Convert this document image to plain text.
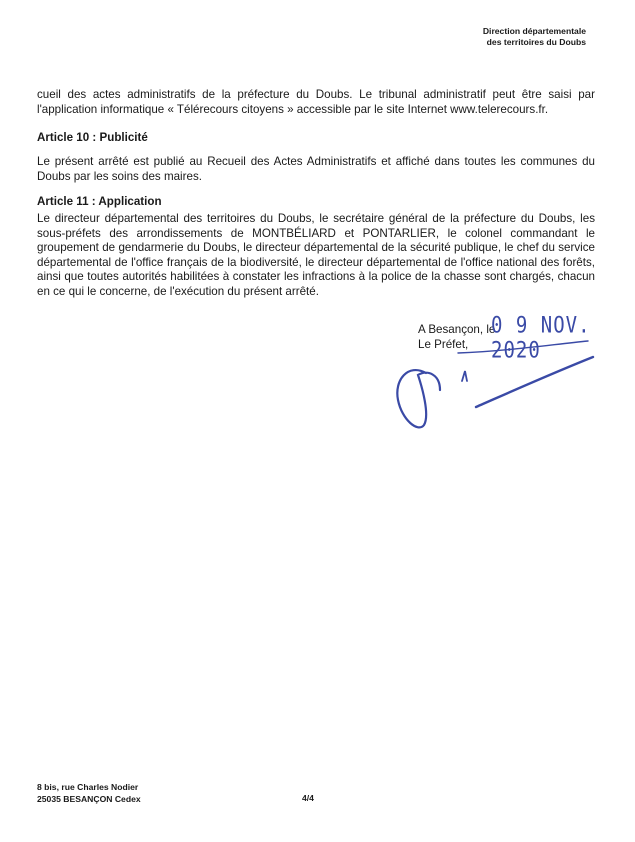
Direction départementale
des territoires du Doubs

cueil des actes administratifs de la préfecture du Doubs. Le tribunal administratif peut être saisi par l'application informatique « Télérecours citoyens » accessible par le site Internet www.telerecours.fr.

Article 10 : Publicité

Le présent arrêté est publié au Recueil des Actes Administratifs et affiché dans toutes les communes du Doubs par les soins des maires.

Article 11 : Application

Le directeur départemental des territoires du Doubs, le secrétaire général de la préfecture du Doubs, les sous-préfets des arrondissements de MONTBÉLIARD et PONTARLIER, le colonel commandant le groupement de gendarmerie du Doubs, le directeur départemental de la sécurité publique, le chef du service départemental de l'office français de la biodiversité, le directeur départemental de l'office national des forêts, ainsi que toutes autorités habilitées à constater les infractions à la police de la chasse sont chargés, chacun en ce qui le concerne, de l'exécution du présent arrêté.

A Besançon, le
Le Préfet,
0 9 NOV. 2020
8 bis, rue Charles Nodier
25035 BESANÇON Cedex	4/4
